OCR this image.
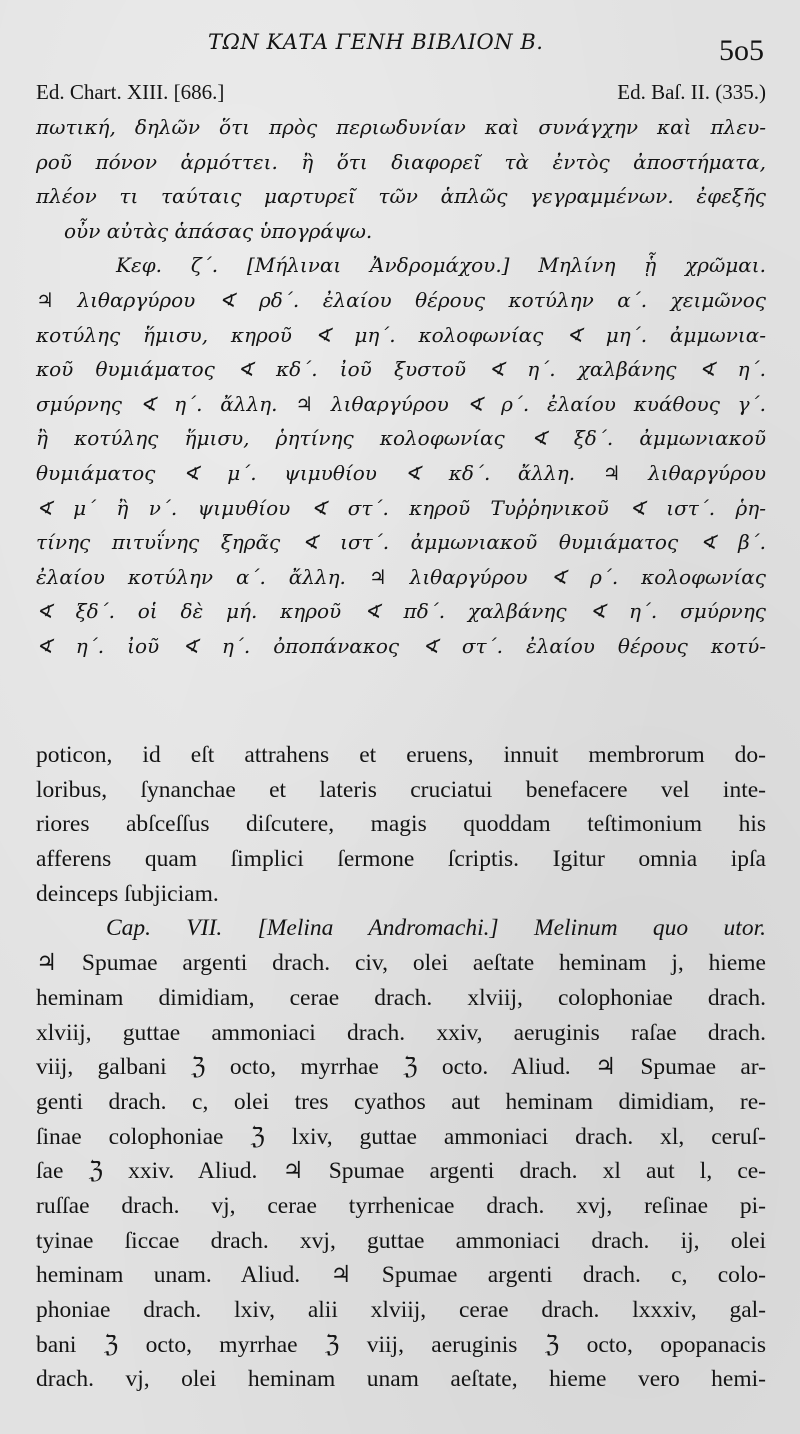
ΤΩΝ ΚΑΤΑ ΓΕΝΗ ΒΙΒΛΙΟΝ Β.	5o5
Ed. Chart. XIII. [686.]	Ed. Baſ. II. (335.)
πωτική, δηλῶν ὅτι πρὸς περιωδυνίαν καὶ συνάγχην καὶ πλευ-
ροῦ πόνον ἁρμόττει. ἢ ὅτι διαφορεῖ τὰ ἐντὸς ἀποστήματα,
πλέον τι ταύταις μαρτυρεῖ τῶν ἁπλῶς γεγραμμένων. ἐφεξῆς
οὖν αὐτὰς ἁπάσας ὑπογράψω.
Κεφ. ζ΄. [Μήλιναι Ἀνδρομάχου.] Μηλίνη ᾗ χρῶμαι.
♃ λιθαργύρου ∢ ρδ΄. ἐλαίου θέρους κοτύλην α΄. χειμῶνος
κοτύλης ἥμισυ, κηροῦ ∢ μη΄. κολοφωνίας ∢ μη΄. ἀμμωνια-
κοῦ θυμιάματος ∢ κδ΄. ἰοῦ ξυστοῦ ∢ η΄. χαλβάνης ∢ η΄.
σμύρνης ∢ η΄. ἄλλη. ♃ λιθαργύρου ∢ ρ΄. ἐλαίου κυάθους γ΄.
ἢ κοτύλης ἥμισυ, ῥητίνης κολοφωνίας ∢ ξδ΄. ἀμμωνιακοῦ
θυμιάματος ∢ μ΄. ψιμυθίου ∢ κδ΄. ἄλλη. ♃ λιθαργύρου
∢ μ΄ ἢ ν΄. ψιμυθίου ∢ στ΄. κηροῦ Τυῤῥηνικοῦ ∢ ιστ΄. ῥη-
τίνης πιτυΐνης ξηρᾶς ∢ ιστ΄. ἀμμωνιακοῦ θυμιάματος ∢ β΄.
ἐλαίου κοτύλην α΄. ἄλλη. ♃ λιθαργύρου ∢ ρ΄. κολοφωνίας
∢ ξδ΄. οἱ δὲ μή. κηροῦ ∢ πδ΄. χαλβάνης ∢ η΄. σμύρνης
∢ η΄. ἰοῦ ∢ η΄. ὀποπάνακος ∢ στ΄. ἐλαίου θέρους κοτύ-
poticon, id eſt attrahens et eruens, innuit membrorum do-
loribus, ſynanchae et lateris cruciatui benefacere vel inte-
riores abſceſſus diſcutere, magis quoddam teſtimonium his
afferens quam ſimplici ſermone ſcriptis. Igitur omnia ipſa
deinceps ſubjiciam.
Cap. VII. [Melina Andromachi.] Melinum quo utor.
♃ Spumae argenti drach. civ, olei aeſtate heminam j, hieme
heminam dimidiam, cerae drach. xlviij, colophoniae drach.
xlviij, guttae ammoniaci drach. xxiv, aeruginis raſae drach.
viij, galbani ℨ octo, myrrhae ℨ octo. Aliud. ♃ Spumae ar-
genti drach. c, olei tres cyathos aut heminam dimidiam, re-
ſinae colophoniae ℨ lxiv, guttae ammoniaci drach. xl, ceruſ-
ſae ℨ xxiv. Aliud. ♃ Spumae argenti drach. xl aut l, ce-
ruſſae drach. vj, cerae tyrrhenicae drach. xvj, reſinae pi-
tyinae ſiccae drach. xvj, guttae ammoniaci drach. ij, olei
heminam unam. Aliud. ♃ Spumae argenti drach. c, colo-
phoniae drach. lxiv, alii xlviij, cerae drach. lxxxiv, gal-
bani ℨ octo, myrrhae ℨ viij, aeruginis ℨ octo, opopanacis
drach. vj, olei heminam unam aeſtate, hieme vero hemi-
